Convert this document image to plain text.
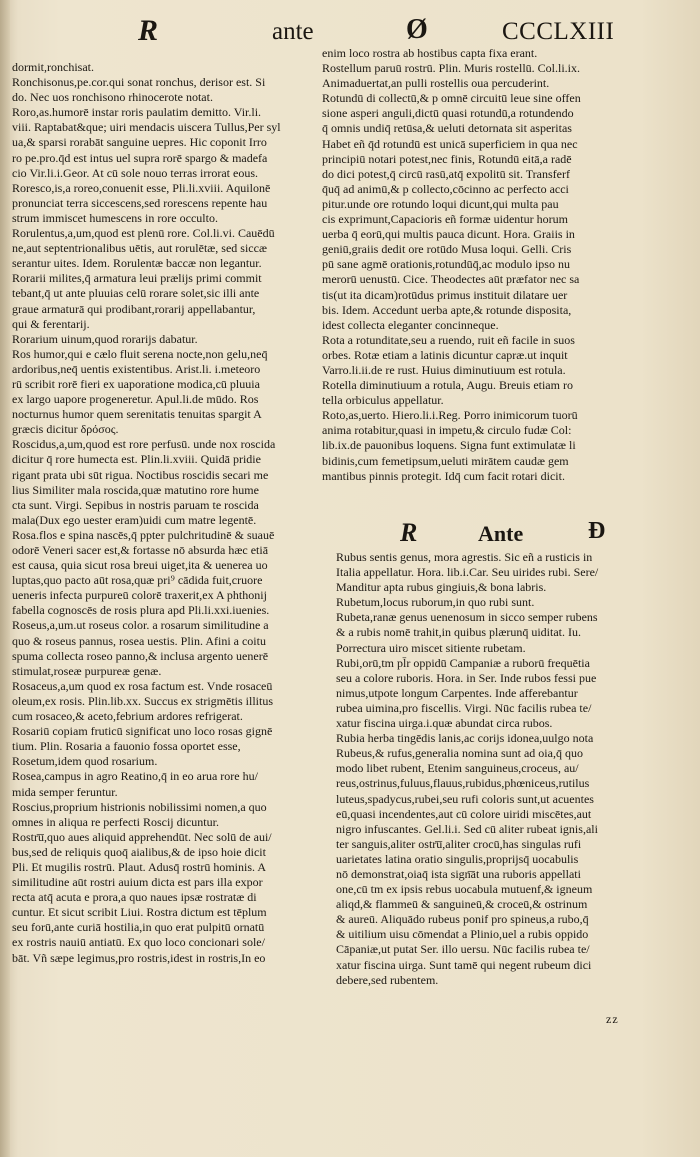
R	ante	Ø	CCCLXIII

dormit,ronchisat.

Ronchisonus,pe.cor.qui sonat ronchus, derisor est. Si

do. Nec uos ronchisono rhinocerote notat.

Roro,as.humorē instar roris paulatim demitto. Vir.li.

viii. Raptabat&que; uiri mendacis uiscera Tullus,Per syl

ua,& sparsi rorabāt sanguine uepres. Hic coponit Irro

ro pe.pro.q̄d est intus uel supra rorē spargo & madefa

cio Vir.li.i.Geor. At cū sole nouo terras irrorat eous.

Roresco,is,a roreo,conuenit esse, Pli.li.xviii. Aquilonē

pronunciat terra siccescens,sed rorescens repente hau

strum immiscet humescens in rore occulto.

Rorulentus,a,um,quod est plenū rore. Col.li.vi. Cauēdū

ne,aut septentrionalibus uētis, aut rorulētæ, sed siccæ

serantur uites. Idem. Rorulentæ baccæ non legantur.

Rorarii milites,q̄ armatura leui prælijs primi commit

tebant,q̄ ut ante pluuias celū rorare solet,sic illi ante

graue armaturā qui prodibant,rorarij appellabantur,

qui & ferentarij.

Rorarium uinum,quod rorarijs dabatur.

Ros humor,qui e cælo fluit serena nocte,non gelu,neq̄

ardoribus,neq̄ uentis existentibus. Arist.li. i.meteoro

rū scribit rorē fieri ex uaporatione modica,cū pluuia

ex largo uapore progeneretur. Apul.li.de mūdo. Ros

nocturnus humor quem serenitatis tenuitas spargit A

græcis dicitur δρόσος.

Roscidus,a,um,quod est rore perfusū. unde nox roscida

dicitur q̄ rore humecta est. Plin.li.xviii. Quidā pridie

rigant prata ubi sūt rigua. Noctibus roscidis secari me

lius Similiter mala roscida,quæ matutino rore hume

cta sunt. Virgi. Sepibus in nostris paruam te roscida

mala(Dux ego uester eram)uidi cum matre legentē.

Rosa.flos e spina nascēs,q̄ ppter pulchritudinē & suauē

odorē Veneri sacer est,& fortasse nō absurda hæc etiā

est causa, quia sicut rosa breui uiget,ita & uenerea uo

luptas,quo pacto aūt rosa,quæ pri⁹ cādida fuit,cruore

ueneris infecta purpureū colorē traxerit,ex A phthonij

fabella cognoscēs de rosis plura apd Pli.li.xxi.iuenies.

Roseus,a,um.ut roseus color. a rosarum similitudine a

quo & roseus pannus, rosea uestis. Plin. Afini a coitu

spuma collecta roseo panno,& inclusa argento uenerē

stimulat,roseæ purpureæ genæ.

Rosaceus,a,um quod ex rosa factum est. Vnde rosaceū

oleum,ex rosis. Plin.lib.xx. Succus ex strigmētis illitus

cum rosaceo,& aceto,febrium ardores refrigerat.

Rosariū copiam fruticū significat uno loco rosas gignē

tium. Plin. Rosaria a fauonio fossa oportet esse,

Rosetum,idem quod rosarium.

Rosea,campus in agro Reatino,q̄ in eo arua rore hu/

mida semper feruntur.

Roscius,proprium histrionis nobilissimi nomen,a quo

omnes in aliqua re perfecti Roscij dicuntur.

Rostr͞u,quo aues aliquid apprehendūt. Nec solū de aui/

bus,sed de reliquis quoq̄ aialibus,& de ipso hoie dicit

Pli. Et mugilis rostrū. Plaut. Adusq̄ rostrū hominis. A

similitudine aūt rostri auium dicta est pars illa expor

recta atq̄ acuta e prora,a quo naues ipsæ rostratæ di

cuntur. Et sicut scribit Liui. Rostra dictum est tēplum

seu forū,ante curiā hostilia,in quo erat pulpitū ornatū

ex rostris nauiū antiatū. Ex quo loco concionari sole/

bāt. Vñ sæpe legimus,pro rostris,idest in rostris,In eo

enim loco rostra ab hostibus capta fixa erant.

Rostellum paruū rostrū. Plin. Muris rostellū. Col.li.ix.

Animaduertat,an pulli rostellis oua percuderint.

Rotundū di collectū,& p omnē circuitū leue sine offen

sione asperi anguli,dictū quasi rotundū,a rotundendo

q̄ omnis undiq̄ retūsa,& ueluti detornata sit asperitas

Habet eñ q̄d rotundū est unicā superficiem in qua nec

principiū notari potest,nec finis, Rotundū eitā,a radē

do dici potest,q̄ circū rasū,atq̄ expolitū sit. Transferf

q̄uq̄ ad animū,& p collecto,cōcinno ac perfecto acci

pitur.unde ore rotundo loqui dicunt,qui multa pau

cis exprimunt,Capacioris eñ formæ uidentur horum

uerba q̄ eorū,qui multis pauca dicunt. Hora. Graiis in

geniū,graiis dedit ore rotūdo Musa loqui. Gelli. Cris

pū sane agmē orationis,rotundūq̄,ac modulo ipso nu

merorū uenustū. Cice. Theodectes aūt præfator nec sa

tis(ut ita dicam)rotūdus primus instituit dilatare uer

bis. Idem. Accedunt uerba apte,& rotunde disposita,

idest collecta eleganter concinneque.

Rota a rotunditate,seu a ruendo, ruit eñ facile in suos

orbes. Rotæ etiam a latinis dicuntur capræ.ut inquit

Varro.li.ii.de re rust. Huius diminutiuum est rotula.

Rotella diminutiuum a rotula, Augu. Breuis etiam ro

tella orbiculus appellatur.

Roto,as,uerto. Hiero.li.i.Reg. Porro inimicorum tuorū

anima rotabitur,quasi in impetu,& circulo fudæ Col:

lib.ix.de pauonibus loquens. Signa funt extimulatæ li

bidinis,cum femetipsum,ueluti mirātem caudæ gem

mantibus pinnis protegit. Idq̄ cum facit rotari dicit.

R	Ante	Ð

Rubus sentis genus, mora agrestis. Sic eñ a rusticis in

Italia appellatur. Hora. lib.i.Car. Seu uirides rubi. Sere/

Manditur apta rubus gingiuis,& bona labris.

Rubetum,locus ruborum,in quo rubi sunt.

Rubeta,ranæ genus uenenosum in sicco semper rubens

& a rubis nomē trahit,in quibus plærunq̄ uiditat. Iu.

Porrectura uiro miscet sitiente rubetam.

Rubi,orū,tm pl̄r oppidū Campaniæ a ruborū frequētia

seu a colore ruboris. Hora. in Ser. Inde rubos fessi pue

nimus,utpote longum Carpentes. Inde afferebantur

rubea uimina,pro fiscellis. Virgi. Nūc facilis rubea te/

xatur fiscina uirga.i.quæ abundat circa rubos.

Rubia herba tingēdis lanis,ac corijs idonea,uulgo nota

Rubeus,& rufus,generalia nomina sunt ad oia,q̄ quo

modo libet rubent, Etenim sanguineus,croceus, au/

reus,ostrinus,fuluus,flauus,rubidus,phœniceus,rutilus

luteus,spadycus,rubei,seu rufi coloris sunt,ut acuentes

eū,quasi incendentes,aut cū colore uiridi miscētes,aut

nigro infuscantes. Gel.li.i. Sed cū aliter rubeat ignis,ali

ter sanguis,aliter ostr͞u,aliter crocū,has singulas rufi

uarietates latina oratio singulis,proprijsq̄ uocabulis

nō demonstrat,oiaq̄ ista sign͞at una ruboris appellati

one,cū tm ex ipsis rebus uocabula mutuenf,& igneum

aliqd,& flammeū & sanguineū,& croceū,& ostrinum

& aureū. Aliquādo rubeus ponif pro spineus,a rubo,q̄

& uitilium uisu cōmendat a Plinio,uel a rubis oppido

Cāpaniæ,ut putat Ser. illo uersu. Nūc facilis rubea te/

xatur fiscina uirga. Sunt tamē qui negent rubeum dici

debere,sed rubentem.

zz
